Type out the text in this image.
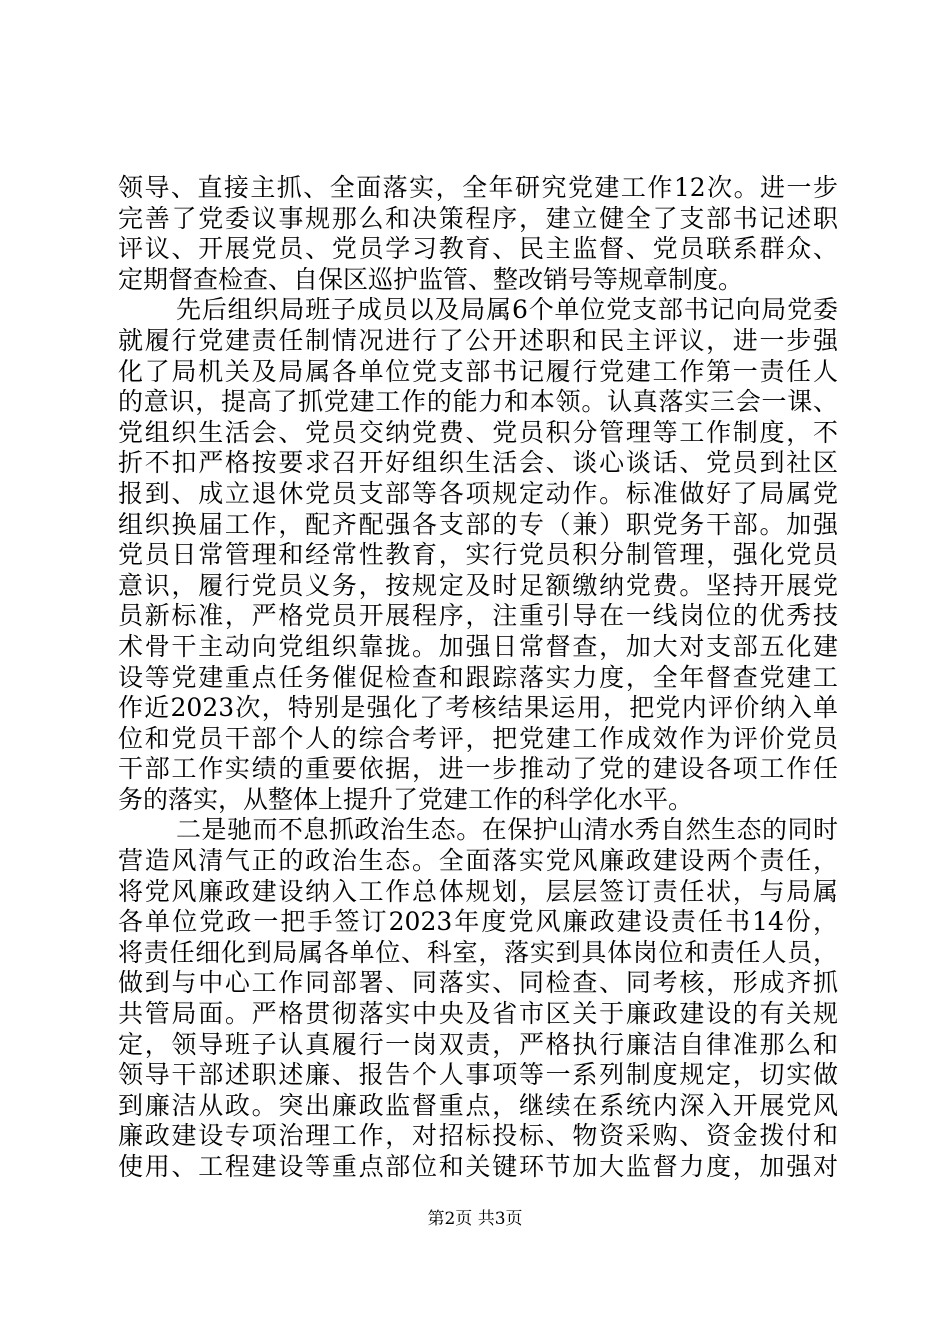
领导、直接主抓、全面落实，全年研究党建工作12次。进一步
完善了党委议事规那么和决策程序，建立健全了支部书记述职
评议、开展党员、党员学习教育、民主监督、党员联系群众、
定期督查检查、自保区巡护监管、整改销号等规章制度。
先后组织局班子成员以及局属6个单位党支部书记向局党委
就履行党建责任制情况进行了公开述职和民主评议，进一步强
化了局机关及局属各单位党支部书记履行党建工作第一责任人
的意识，提高了抓党建工作的能力和本领。认真落实三会一课、
党组织生活会、党员交纳党费、党员积分管理等工作制度，不
折不扣严格按要求召开好组织生活会、谈心谈话、党员到社区
报到、成立退休党员支部等各项规定动作。标准做好了局属党
组织换届工作，配齐配强各支部的专（兼）职党务干部。加强
党员日常管理和经常性教育，实行党员积分制管理，强化党员
意识，履行党员义务，按规定及时足额缴纳党费。坚持开展党
员新标准，严格党员开展程序，注重引导在一线岗位的优秀技
术骨干主动向党组织靠拢。加强日常督查，加大对支部五化建
设等党建重点任务催促检查和跟踪落实力度，全年督查党建工
作近2023次，特别是强化了考核结果运用，把党内评价纳入单
位和党员干部个人的综合考评，把党建工作成效作为评价党员
干部工作实绩的重要依据，进一步推动了党的建设各项工作任
务的落实，从整体上提升了党建工作的科学化水平。
二是驰而不息抓政治生态。在保护山清水秀自然生态的同时
营造风清气正的政治生态。全面落实党风廉政建设两个责任，
将党风廉政建设纳入工作总体规划，层层签订责任状，与局属
各单位党政一把手签订2023年度党风廉政建设责任书14份，
将责任细化到局属各单位、科室，落实到具体岗位和责任人员，
做到与中心工作同部署、同落实、同检查、同考核，形成齐抓
共管局面。严格贯彻落实中央及省市区关于廉政建设的有关规
定，领导班子认真履行一岗双责，严格执行廉洁自律准那么和
领导干部述职述廉、报告个人事项等一系列制度规定，切实做
到廉洁从政。突出廉政监督重点，继续在系统内深入开展党风
廉政建设专项治理工作，对招标投标、物资采购、资金拨付和
使用、工程建设等重点部位和关键环节加大监督力度，加强对
第2页 共3页
